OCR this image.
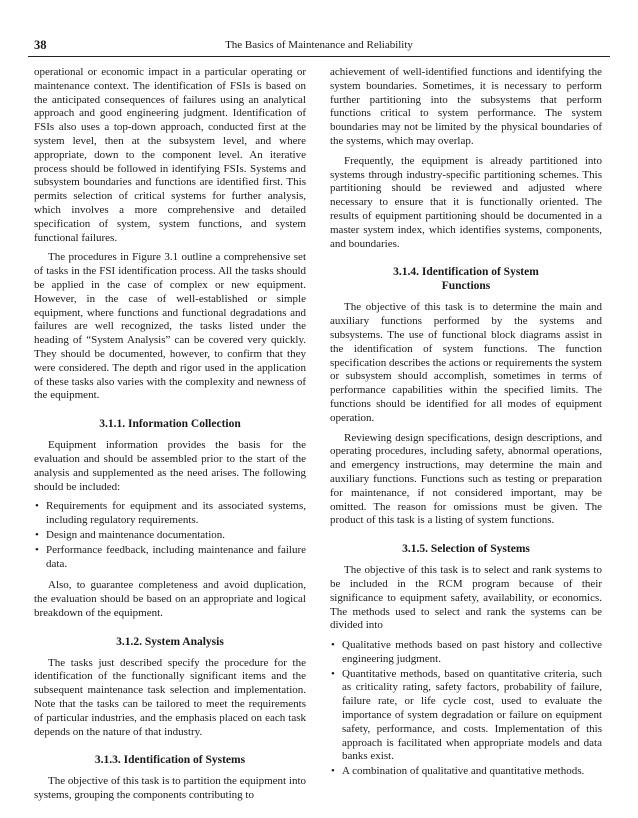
38	The Basics of Maintenance and Reliability

operational or economic impact in a particular operating or maintenance context. The identification of FSIs is based on the anticipated consequences of failures using an analytical approach and good engineering judgment. Identification of FSIs also uses a top-down approach, conducted first at the system level, then at the subsystem level, and where appropriate, down to the component level. An iterative process should be followed in identifying FSIs. Systems and subsystem boundaries and functions are identified first. This permits selection of critical systems for further analysis, which involves a more comprehensive and detailed specification of system, system functions, and system functional failures.

The procedures in Figure 3.1 outline a comprehensive set of tasks in the FSI identification process. All the tasks should be applied in the case of complex or new equipment. However, in the case of well-established or simple equipment, where functions and functional degradations and failures are well recognized, the tasks listed under the heading of “System Analysis” can be covered very quickly. They should be documented, however, to confirm that they were considered. The depth and rigor used in the application of these tasks also varies with the complexity and newness of the equipment.

3.1.1. Information Collection

Equipment information provides the basis for the evaluation and should be assembled prior to the start of the analysis and supplemented as the need arises. The following should be included:

• Requirements for equipment and its associated systems, including regulatory requirements.
• Design and maintenance documentation.
• Performance feedback, including maintenance and failure data.

Also, to guarantee completeness and avoid duplication, the evaluation should be based on an appropriate and logical breakdown of the equipment.

3.1.2. System Analysis

The tasks just described specify the procedure for the identification of the functionally significant items and the subsequent maintenance task selection and implementation. Note that the tasks can be tailored to meet the requirements of particular industries, and the emphasis placed on each task depends on the nature of that industry.

3.1.3. Identification of Systems

The objective of this task is to partition the equipment into systems, grouping the components contributing to

achievement of well-identified functions and identifying the system boundaries. Sometimes, it is necessary to perform further partitioning into the subsystems that perform functions critical to system performance. The system boundaries may not be limited by the physical boundaries of the systems, which may overlap.

Frequently, the equipment is already partitioned into systems through industry-specific partitioning schemes. This partitioning should be reviewed and adjusted where necessary to ensure that it is functionally oriented. The results of equipment partitioning should be documented in a master system index, which identifies systems, components, and boundaries.

3.1.4. Identification of System
Functions

The objective of this task is to determine the main and auxiliary functions performed by the systems and subsystems. The use of functional block diagrams assist in the identification of system functions. The function specification describes the actions or requirements the system or subsystem should accomplish, sometimes in terms of performance capabilities within the specified limits. The functions should be identified for all modes of equipment operation.

Reviewing design specifications, design descriptions, and operating procedures, including safety, abnormal operations, and emergency instructions, may determine the main and auxiliary functions. Functions such as testing or preparation for maintenance, if not considered important, may be omitted. The reason for omissions must be given. The product of this task is a listing of system functions.

3.1.5. Selection of Systems

The objective of this task is to select and rank systems to be included in the RCM program because of their significance to equipment safety, availability, or economics. The methods used to select and rank the systems can be divided into

• Qualitative methods based on past history and collective engineering judgment.
• Quantitative methods, based on quantitative criteria, such as criticality rating, safety factors, probability of failure, failure rate, or life cycle cost, used to evaluate the importance of system degradation or failure on equipment safety, performance, and costs. Implementation of this approach is facilitated when appropriate models and data banks exist.
• A combination of qualitative and quantitative methods.
